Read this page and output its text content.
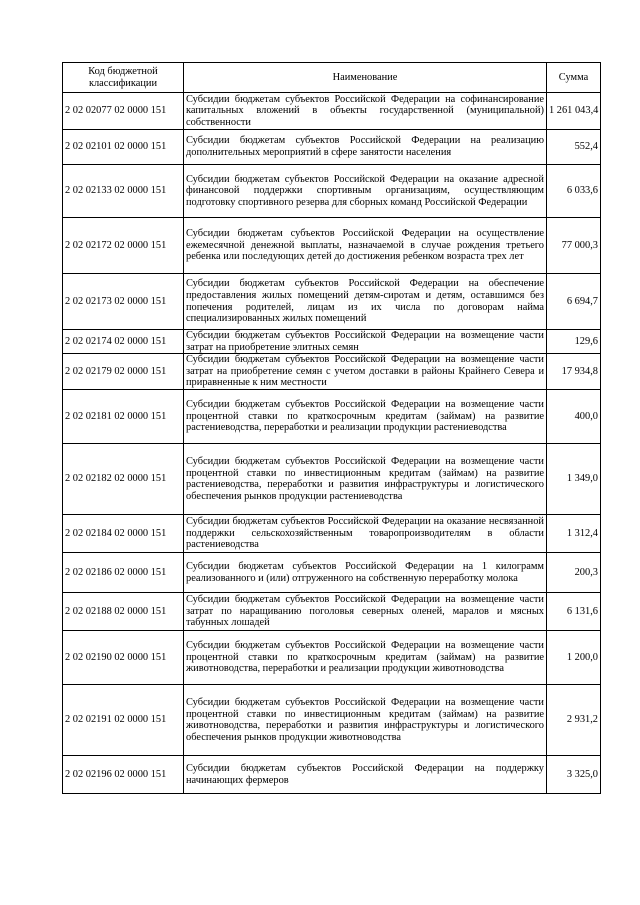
Код бюджетной классификации	Наименование	Сумма
2 02 02077 02 0000 151	Субсидии бюджетам субъектов Российской Федерации на софинансирование капитальных вложений в объекты государственной (муниципальной) собственности	1 261 043,4
2 02 02101 02 0000 151	Субсидии бюджетам субъектов Российской Федерации на реализацию дополнительных мероприятий в сфере занятости населения	552,4
2 02 02133 02 0000 151	Субсидии бюджетам субъектов Российской Федерации на оказание адресной финансовой поддержки спортивным организациям, осуществляющим подготовку спортивного резерва для сборных команд Российской Федерации	6 033,6
2 02 02172 02 0000 151	Субсидии бюджетам субъектов Российской Федерации на осуществление ежемесячной денежной выплаты, назначаемой в случае рождения третьего ребенка или последующих детей до достижения ребенком возраста трех лет	77 000,3
2 02 02173 02 0000 151	Субсидии бюджетам субъектов Российской Федерации на обеспечение предоставления жилых помещений детям-сиротам и детям, оставшимся без попечения родителей, лицам из их числа по договорам найма специализированных жилых помещений	6 694,7
2 02 02174 02 0000 151	Субсидии бюджетам субъектов Российской Федерации на возмещение части затрат на приобретение элитных семян	129,6
2 02 02179 02 0000 151	Субсидии бюджетам субъектов Российской Федерации на возмещение части затрат на приобретение семян с учетом доставки в районы Крайнего Севера и приравненные к ним местности	17 934,8
2 02 02181 02 0000 151	Субсидии бюджетам субъектов Российской Федерации на возмещение части процентной ставки по краткосрочным кредитам (займам) на развитие растениеводства, переработки и реализации продукции растениеводства	400,0
2 02 02182 02 0000 151	Субсидии бюджетам субъектов Российской Федерации на возмещение части процентной ставки по инвестиционным кредитам (займам) на развитие растениеводства, переработки и развития инфраструктуры и логистического обеспечения рынков продукции растениеводства	1 349,0
2 02 02184 02 0000 151	Субсидии бюджетам субъектов Российской Федерации на оказание несвязанной поддержки сельскохозяйственным товаропроизводителям в области растениеводства	1 312,4
2 02 02186 02 0000 151	Субсидии бюджетам субъектов Российской Федерации на 1 килограмм реализованного и (или) отгруженного на собственную переработку молока	200,3
2 02 02188 02 0000 151	Субсидии бюджетам субъектов Российской Федерации на возмещение части затрат по наращиванию поголовья северных оленей, маралов и мясных табунных лошадей	6 131,6
2 02 02190 02 0000 151	Субсидии бюджетам субъектов Российской Федерации на возмещение части процентной ставки по краткосрочным кредитам (займам) на развитие животноводства, переработки и реализации продукции животноводства	1 200,0
2 02 02191 02 0000 151	Субсидии бюджетам субъектов Российской Федерации на возмещение части процентной ставки по инвестиционным кредитам (займам) на развитие животноводства, переработки и развития инфраструктуры и логистического обеспечения рынков продукции животноводства	2 931,2
2 02 02196 02 0000 151	Субсидии бюджетам субъектов Российской Федерации на поддержку начинающих фермеров	3 325,0
